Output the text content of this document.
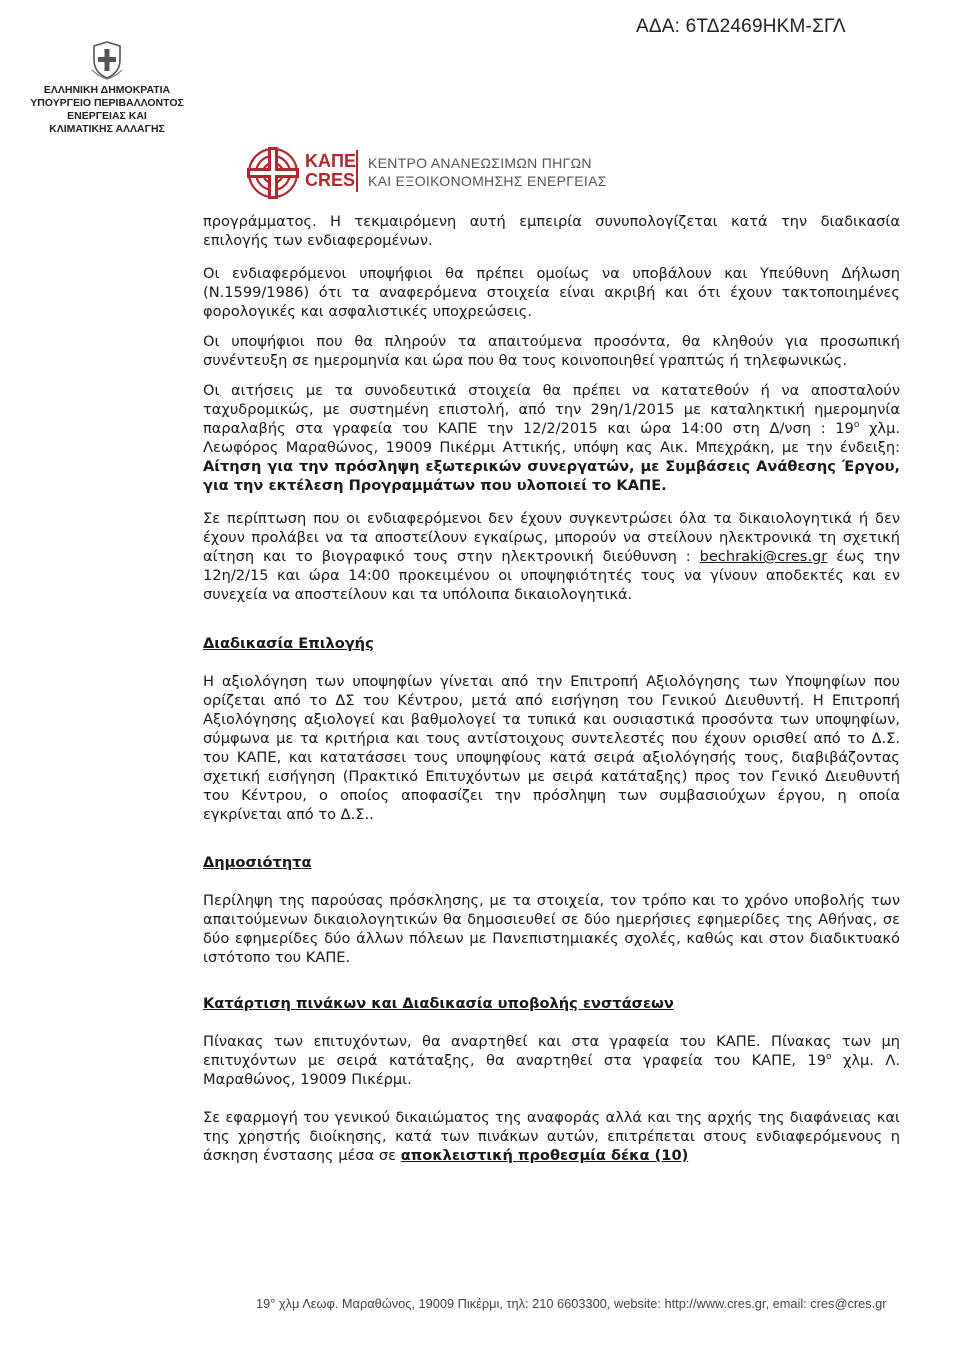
ΑΔΑ: 6ΤΔ2469ΗΚΜ-ΣΓΛ
ΕΛΛΗΝΙΚΗ ΔΗΜΟΚΡΑΤΙΑ
ΥΠΟΥΡΓΕΙΟ ΠΕΡΙΒΑΛΛΟΝΤΟΣ
ΕΝΕΡΓΕΙΑΣ ΚΑΙ
ΚΛΙΜΑΤΙΚΗΣ ΑΛΛΑΓΗΣ
ΚΑΠΕ
CRES
ΚΕΝΤΡΟ ΑΝΑΝΕΩΣΙΜΩΝ ΠΗΓΩΝ
ΚΑΙ ΕΞΟΙΚΟΝΟΜΗΣΗΣ ΕΝΕΡΓΕΙΑΣ

προγράμματος. Η τεκμαιρόμενη αυτή εμπειρία συνυπολογίζεται κατά την διαδικασία επιλογής των ενδιαφερομένων.

Οι ενδιαφερόμενοι υποψήφιοι θα πρέπει ομοίως να υποβάλουν και Υπεύθυνη Δήλωση (Ν.1599/1986) ότι τα αναφερόμενα στοιχεία είναι ακριβή και ότι έχουν τακτοποιημένες φορολογικές και ασφαλιστικές υποχρεώσεις.

Οι υποψήφιοι που θα πληρούν τα απαιτούμενα προσόντα, θα κληθούν για προσωπική συνέντευξη σε ημερομηνία και ώρα που θα τους κοινοποιηθεί γραπτώς ή τηλεφωνικώς.

Οι αιτήσεις με τα συνοδευτικά στοιχεία θα πρέπει να κατατεθούν ή να αποσταλούν ταχυδρομικώς, με συστημένη επιστολή, από την 29η/1/2015 με καταληκτική ημερομηνία παραλαβής στα γραφεία του ΚΑΠΕ την 12/2/2015 και ώρα 14:00 στη Δ/νση : $19^o$ χλμ. Λεωφόρος Μαραθώνος, 19009 Πικέρμι Αττικής, υπόψη κας Αικ. Μπεχράκη, με την ένδειξη: Αίτηση για την πρόσληψη εξωτερικών συνεργατών, με Συμβάσεις Ανάθεσης Έργου, για την εκτέλεση Προγραμμάτων που υλοποιεί το ΚΑΠΕ.

Σε περίπτωση που οι ενδιαφερόμενοι δεν έχουν συγκεντρώσει όλα τα δικαιολογητικά ή δεν έχουν προλάβει να τα αποστείλουν εγκαίρως, μπορούν να στείλουν ηλεκτρονικά τη σχετική αίτηση και το βιογραφικό τους στην ηλεκτρονική διεύθυνση : bechraki@cres.gr έως την 12η/2/15 και ώρα 14:00 προκειμένου οι υποψηφιότητές τους να γίνουν αποδεκτές και εν συνεχεία να αποστείλουν και τα υπόλοιπα δικαιολογητικά.

Διαδικασία Επιλογής

Η αξιολόγηση των υποψηφίων γίνεται από την Επιτροπή Αξιολόγησης των Υποψηφίων που ορίζεται από το ΔΣ του Κέντρου, μετά από εισήγηση του Γενικού Διευθυντή. Η Επιτροπή Αξιολόγησης αξιολογεί και βαθμολογεί τα τυπικά και ουσιαστικά προσόντα των υποψηφίων, σύμφωνα με τα κριτήρια και τους αντίστοιχους συντελεστές που έχουν ορισθεί από το Δ.Σ. του ΚΑΠΕ, και κατατάσσει τους υποψηφίους κατά σειρά αξιολόγησής τους, διαβιβάζοντας σχετική εισήγηση (Πρακτικό Επιτυχόντων με σειρά κατάταξης) προς τον Γενικό Διευθυντή του Κέντρου, ο οποίος αποφασίζει την πρόσληψη των συμβασιούχων έργου, η οποία εγκρίνεται από το Δ.Σ..

Δημοσιότητα

Περίληψη της παρούσας πρόσκλησης, με τα στοιχεία, τον τρόπο και το χρόνο υποβολής των απαιτούμενων δικαιολογητικών θα δημοσιευθεί σε δύο ημερήσιες εφημερίδες της Αθήνας, σε δύο εφημερίδες δύο άλλων πόλεων με Πανεπιστημιακές σχολές, καθώς και στον διαδικτυακό ιστότοπο του ΚΑΠΕ.

Κατάρτιση πινάκων και Διαδικασία υποβολής ενστάσεων

Πίνακας των επιτυχόντων, θα αναρτηθεί και στα γραφεία του ΚΑΠΕ. Πίνακας των μη επιτυχόντων με σειρά κατάταξης, θα αναρτηθεί στα γραφεία του ΚΑΠΕ, $19^o$ χλμ. Λ. Μαραθώνος, 19009 Πικέρμι.

Σε εφαρμογή του γενικού δικαιώματος της αναφοράς αλλά και της αρχής της διαφάνειας και της χρηστής διοίκησης, κατά των πινάκων αυτών, επιτρέπεται στους ενδιαφερόμενους η άσκηση ένστασης μέσα σε αποκλειστική προθεσμία δέκα (10)

19° χλμ Λεωφ. Μαραθώνος, 19009 Πικέρμι, τηλ: 210 6603300, website: http://www.cres.gr, email: cres@cres.gr
